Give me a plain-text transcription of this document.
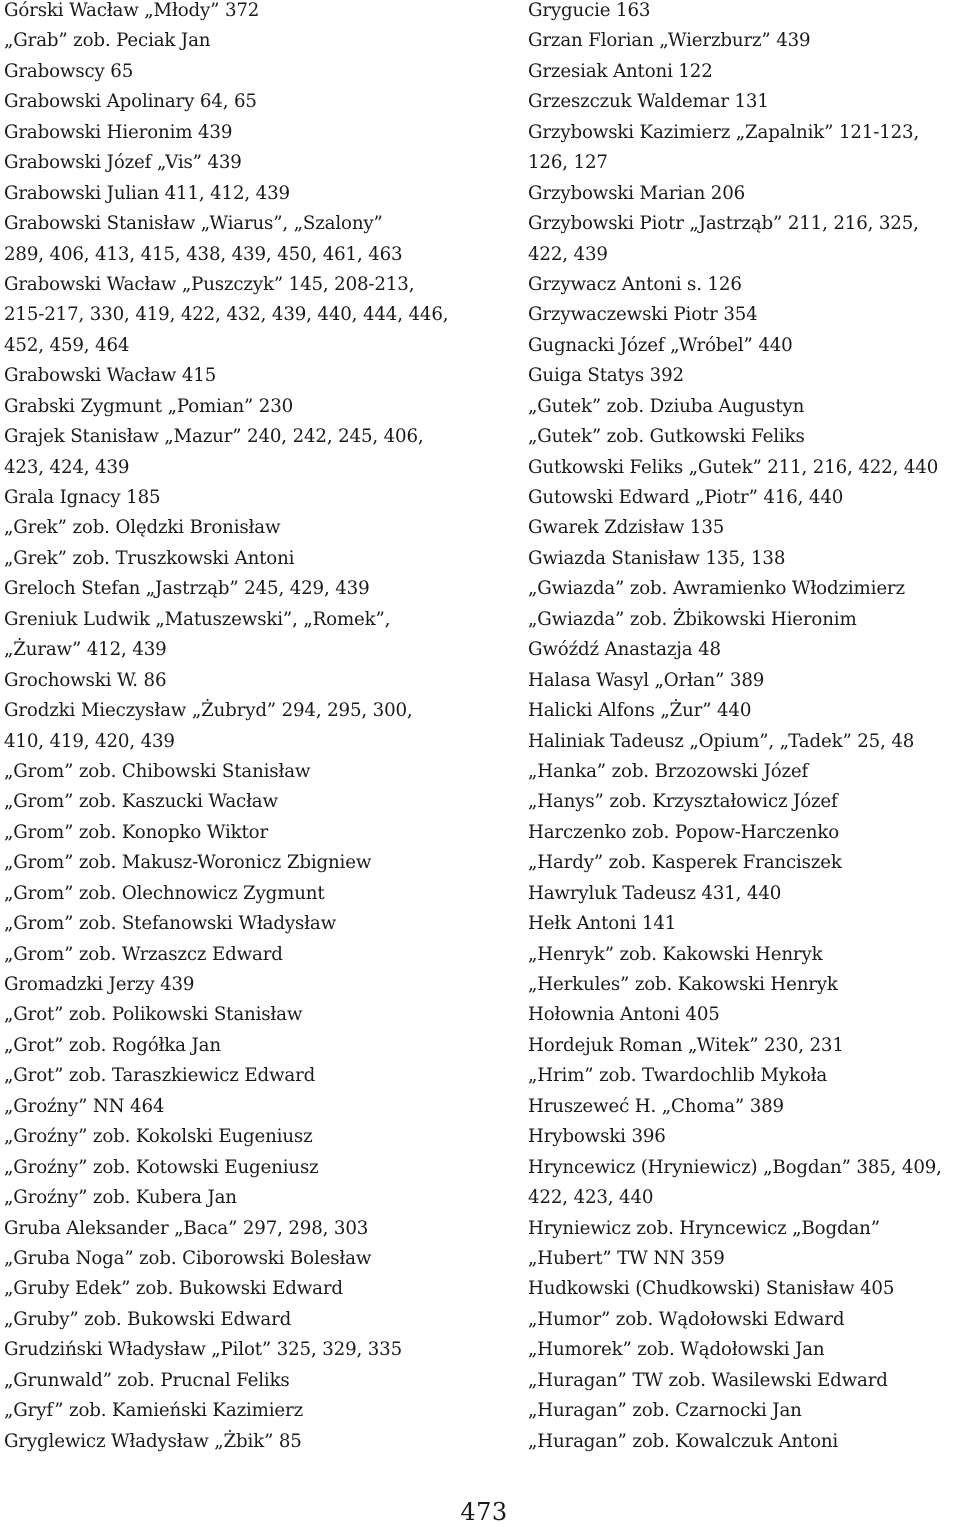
Górski Wacław „Młody” 372
„Grab” zob. Peciak Jan
Grabowscy 65
Grabowski Apolinary 64, 65
Grabowski Hieronim 439
Grabowski Józef „Vis” 439
Grabowski Julian 411, 412, 439
Grabowski Stanisław „Wiarus”, „Szalony”
289, 406, 413, 415, 438, 439, 450, 461, 463
Grabowski Wacław „Puszczyk” 145, 208-213,
215-217, 330, 419, 422, 432, 439, 440, 444, 446,
452, 459, 464
Grabowski Wacław 415
Grabski Zygmunt „Pomian” 230
Grajek Stanisław „Mazur” 240, 242, 245, 406,
423, 424, 439
Grala Ignacy 185
„Grek” zob. Olędzki Bronisław
„Grek” zob. Truszkowski Antoni
Greloch Stefan „Jastrząb” 245, 429, 439
Greniuk Ludwik „Matuszewski”, „Romek”,
„Żuraw” 412, 439
Grochowski W. 86
Grodzki Mieczysław „Żubryd” 294, 295, 300,
410, 419, 420, 439
„Grom” zob. Chibowski Stanisław
„Grom” zob. Kaszucki Wacław
„Grom” zob. Konopko Wiktor
„Grom” zob. Makusz-Woronicz Zbigniew
„Grom” zob. Olechnowicz Zygmunt
„Grom” zob. Stefanowski Władysław
„Grom” zob. Wrzaszcz Edward
Gromadzki Jerzy 439
„Grot” zob. Polikowski Stanisław
„Grot” zob. Rogółka Jan
„Grot” zob. Taraszkiewicz Edward
„Groźny” NN 464
„Groźny” zob. Kokolski Eugeniusz
„Groźny” zob. Kotowski Eugeniusz
„Groźny” zob. Kubera Jan
Gruba Aleksander „Baca” 297, 298, 303
„Gruba Noga” zob. Ciborowski Bolesław
„Gruby Edek” zob. Bukowski Edward
„Gruby” zob. Bukowski Edward
Grudziński Władysław „Pilot” 325, 329, 335
„Grunwald” zob. Prucnal Feliks
„Gryf” zob. Kamieński Kazimierz
Gryglewicz Władysław „Żbik” 85
Grygucie 163
Grzan Florian „Wierzburz” 439
Grzesiak Antoni 122
Grzeszczuk Waldemar 131
Grzybowski Kazimierz „Zapalnik” 121-123,
126, 127
Grzybowski Marian 206
Grzybowski Piotr „Jastrząb” 211, 216, 325,
422, 439
Grzywacz Antoni s. 126
Grzywaczewski Piotr 354
Gugnacki Józef „Wróbel” 440
Guiga Statys 392
„Gutek” zob. Dziuba Augustyn
„Gutek” zob. Gutkowski Feliks
Gutkowski Feliks „Gutek” 211, 216, 422, 440
Gutowski Edward „Piotr” 416, 440
Gwarek Zdzisław 135
Gwiazda Stanisław 135, 138
„Gwiazda” zob. Awramienko Włodzimierz
„Gwiazda” zob. Żbikowski Hieronim
Gwóźdź Anastazja 48
Halasa Wasyl „Orłan” 389
Halicki Alfons „Żur” 440
Haliniak Tadeusz „Opium”, „Tadek” 25, 48
„Hanka” zob. Brzozowski Józef
„Hanys” zob. Krzyształowicz Józef
Harczenko zob. Popow-Harczenko
„Hardy” zob. Kasperek Franciszek
Hawryluk Tadeusz 431, 440
Hełk Antoni 141
„Henryk” zob. Kakowski Henryk
„Herkules” zob. Kakowski Henryk
Hołownia Antoni 405
Hordejuk Roman „Witek” 230, 231
„Hrim” zob. Twardochlib Mykoła
Hruszeweć H. „Choma” 389
Hrybowski 396
Hryncewicz (Hryniewicz) „Bogdan” 385, 409,
422, 423, 440
Hryniewicz zob. Hryncewicz „Bogdan”
„Hubert” TW NN 359
Hudkowski (Chudkowski) Stanisław 405
„Humor” zob. Wądołowski Edward
„Humorek” zob. Wądołowski Jan
„Huragan” TW zob. Wasilewski Edward
„Huragan” zob. Czarnocki Jan
„Huragan” zob. Kowalczuk Antoni
473
